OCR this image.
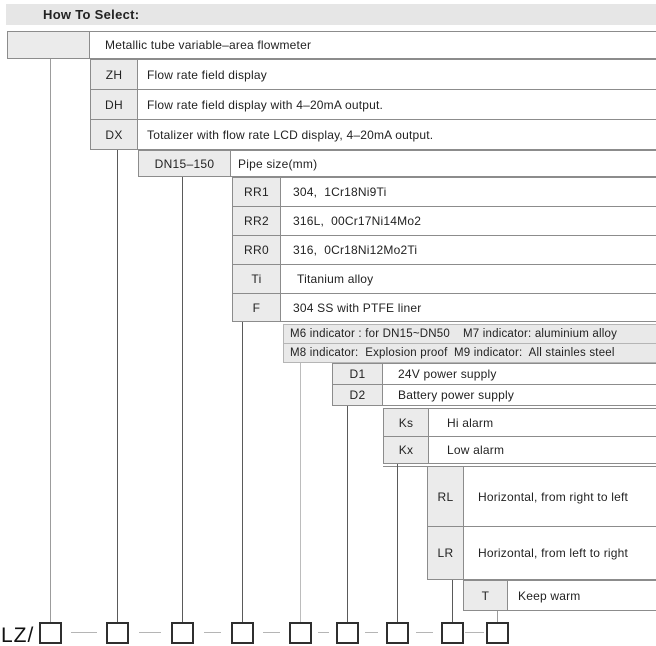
How To Select:
Metallic tube variable–area flowmeter
ZH	Flow rate field display
DH	Flow rate field display with 4–20mA output.
DX	Totalizer with flow rate LCD display, 4–20mA output.
DN15–150	Pipe size(mm)
RR1	304,  1Cr18Ni9Ti
RR2	316L,  00Cr17Ni14Mo2
RR0	316,  0Cr18Ni12Mo2Ti
Ti	Titanium alloy
F	304 SS with PTFE liner
M6 indicator : for DN15~DN50 M7 indicator: aluminium alloy
M8 indicator:  Explosion proof M9 indicator:  All stainles steel
D1	24V power supply
D2	Battery power supply
Ks	Hi alarm
Kx	Low alarm
RL	Horizontal, from right to left
LR	Horizontal, from left to right
T	Keep warm
LZ/
